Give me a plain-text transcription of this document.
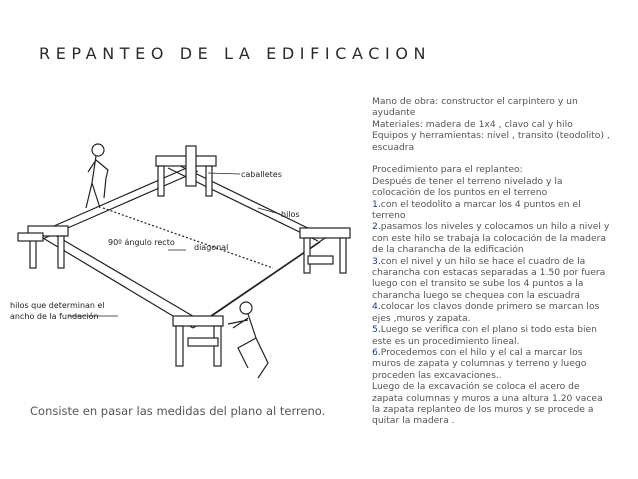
REPANTEO DE LA EDIFICACION
caballetes
hilos
90º ángulo recto
diagonal
hilos que determinan el
ancho de la fundación
Consiste en pasar las medidas del plano al terreno.

Mano de obra: constructor el carpintero y un ayudante

Materiales: madera de 1x4 , clavo cal y hilo

Equipos y herramientas: nivel , transito (teodolito) , escuadra

Procedimiento para el replanteo:

Después de tener el terreno nivelado y la colocación de los puntos en el terreno

1.con el teodolito a marcar los 4 puntos en el terreno

2.pasamos los niveles y colocamos un hilo a nivel y con este hilo se trabaja la colocación de la madera de la charancha de la edificación

3.con el nivel y un hilo se hace el cuadro de la charancha con estacas separadas a 1.50 por fuera luego con el transito se sube los 4 puntos a la charancha luego se chequea con la escuadra

4.colocar los clavos donde primero se marcan los ejes ,muros y zapata.

5.Luego se verifica con el plano si todo esta bien este es un procedimiento lineal.

6.Procedemos con el hilo y el cal a marcar los muros de zapata y columnas y terreno y luego proceden las excavaciones..

Luego de la excavación se coloca el acero de zapata columnas y muros a una altura 1.20 vacea la zapata replanteo de los muros y se procede a quitar la madera .
